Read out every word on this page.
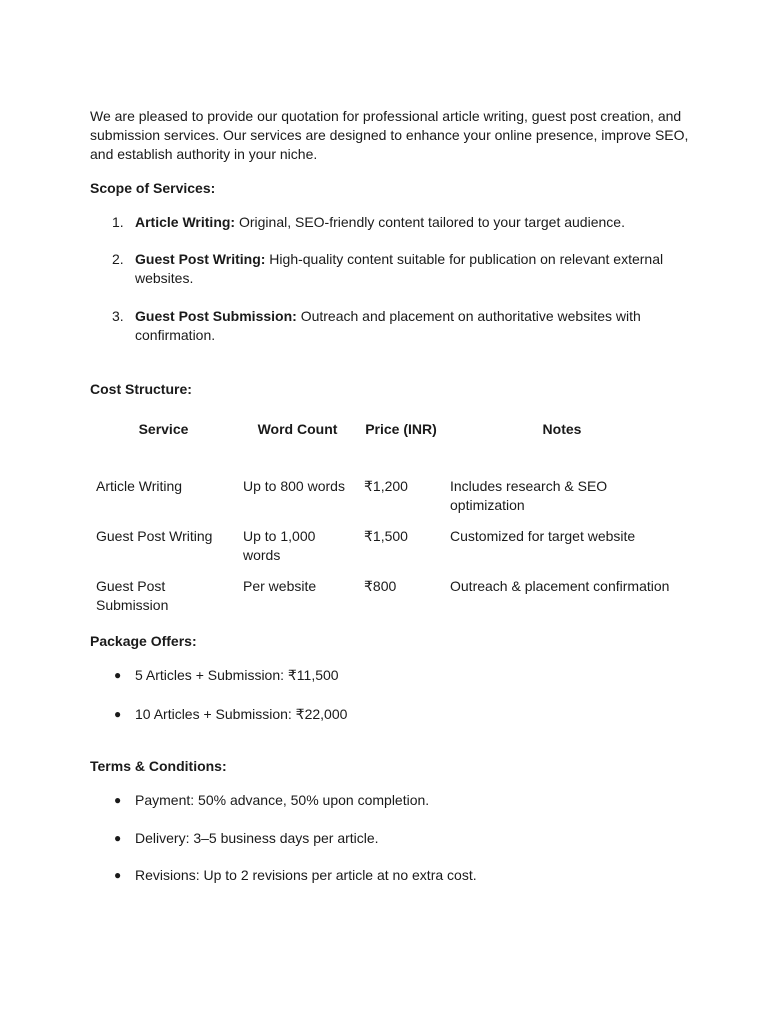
We are pleased to provide our quotation for professional article writing, guest post creation, and submission services. Our services are designed to enhance your online presence, improve SEO, and establish authority in your niche.

Scope of Services:

1. Article Writing: Original, SEO-friendly content tailored to your target audience.
2. Guest Post Writing: High-quality content suitable for publication on relevant external websites.
3. Guest Post Submission: Outreach and placement on authoritative websites with confirmation.

Cost Structure:

Service	Word Count	Price (INR)	Notes
Article Writing	Up to 800 words	₹1,200	Includes research & SEO optimization
Guest Post Writing	Up to 1,000 words	₹1,500	Customized for target website
Guest Post Submission	Per website	₹800	Outreach & placement confirmation

Package Offers:

● 5 Articles + Submission: ₹11,500
● 10 Articles + Submission: ₹22,000

Terms & Conditions:

● Payment: 50% advance, 50% upon completion.
● Delivery: 3–5 business days per article.
● Revisions: Up to 2 revisions per article at no extra cost.
